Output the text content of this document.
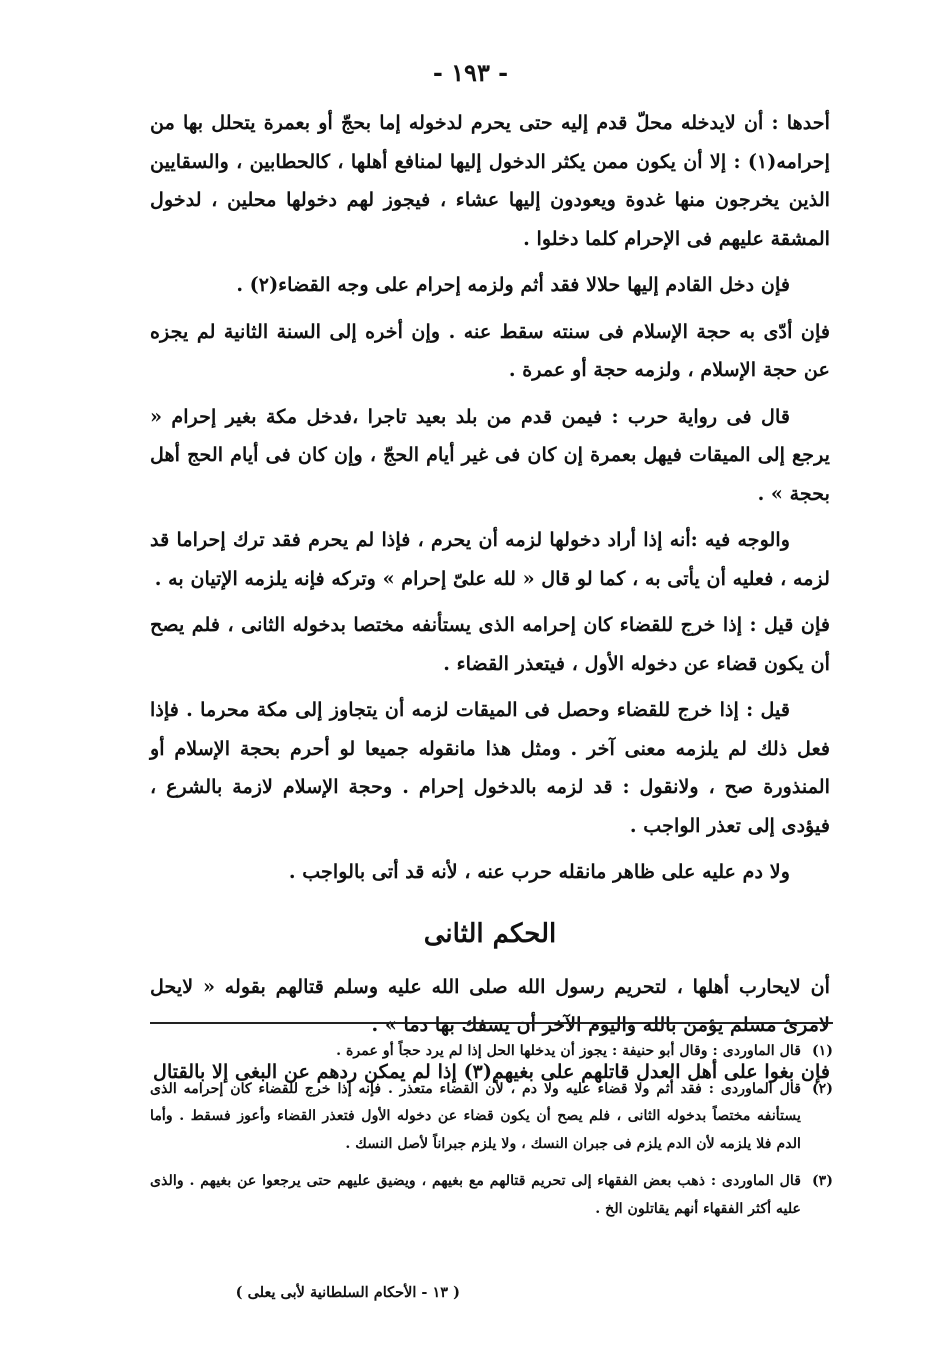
- ١٩٣ -

أحدها : أن لايدخله محلّ قدم إليه حتى يحرم لدخوله إما بحجّ أو بعمرة يتحلل بها من إحرامه(١) : إلا أن يكون ممن يكثر الدخول إليها لمنافع أهلها ، كالحطابين ، والسقايين الذين يخرجون منها غدوة ويعودون إليها عشاء ، فيجوز لهم دخولها محلين ، لدخول المشقة عليهم فى الإحرام كلما دخلوا .

فإن دخل القادم إليها حلالا فقد أثم ولزمه إحرام على وجه القضاء(٢) .

فإن أدّى به حجة الإسلام فى سنته سقط عنه . وإن أخره إلى السنة الثانية لم يجزه عن حجة الإسلام ، ولزمه حجة أو عمرة .

قال فى رواية حرب : فيمن قدم من بلد بعيد تاجرا ،فدخل مكة بغير إحرام « يرجع إلى الميقات فيهل بعمرة إن كان فى غير أيام الحجّ ، وإن كان فى أيام الحج أهل بحجة » .

والوجه فيه :أنه إذا أراد دخولها لزمه أن يحرم ، فإذا لم يحرم فقد ترك إحراما قد لزمه ، فعليه أن يأتى به ، كما لو قال « لله علىّ إحرام » وتركه فإنه يلزمه الإتيان به .

فإن قيل : إذا خرج للقضاء كان إحرامه الذى يستأنفه مختصا بدخوله الثانى ، فلم يصح أن يكون قضاء عن دخوله الأول ، فيتعذر القضاء .

قيل : إذا خرج للقضاء وحصل فى الميقات لزمه أن يتجاوز إلى مكة محرما . فإذا فعل ذلك لم يلزمه معنى آخر . ومثل هذا مانقوله جميعا لو أحرم بحجة الإسلام أو المنذورة صح ، ولانقول : قد لزمه بالدخول إحرام . وحجة الإسلام لازمة بالشرع ، فيؤدى إلى تعذر الواجب .

ولا دم عليه على ظاهر مانقله حرب عنه ، لأنه قد أتى بالواجب .

الحكم الثانى

أن لايحارب أهلها ، لتحريم رسول الله صلى الله عليه وسلم قتالهم بقوله « لايحل لامرئ مسلم يؤمن بالله واليوم الآخر أن يسفك بها دما » .

فإن بغوا على أهل العدل قاتلهم على بغيهم(٣) إذا لم يمكن ردهم عن البغى إلا بالقتال

(١)
قال الماوردى : وقال أبو حنيفة : يجوز أن يدخلها الحل إذا لم يرد حجاً أو عمرة .
(٢)
قال الماوردى : فقد أثم ولا قضاء عليه ولا دم ، لأن القضاء متعذر . فإنه إذا خرج للقضاء كان إحرامه الذى يستأنفه مختصاً بدخوله الثانى ، فلم يصح أن يكون قضاء عن دخوله الأول فتعذر القضاء وأعوز فسقط . وأما الدم فلا يلزمه لأن الدم يلزم فى جبران النسك ، ولا يلزم جبراناً لأصل النسك .
(٣)
قال الماوردى : ذهب بعض الفقهاء إلى تحريم قتالهم مع بغيهم ، ويضيق عليهم حتى يرجعوا عن بغيهم . والذى عليه أكثر الفقهاء أنهم يقاتلون الخ .
( ١٣ - الأحكام السلطانية لأبى يعلى )
